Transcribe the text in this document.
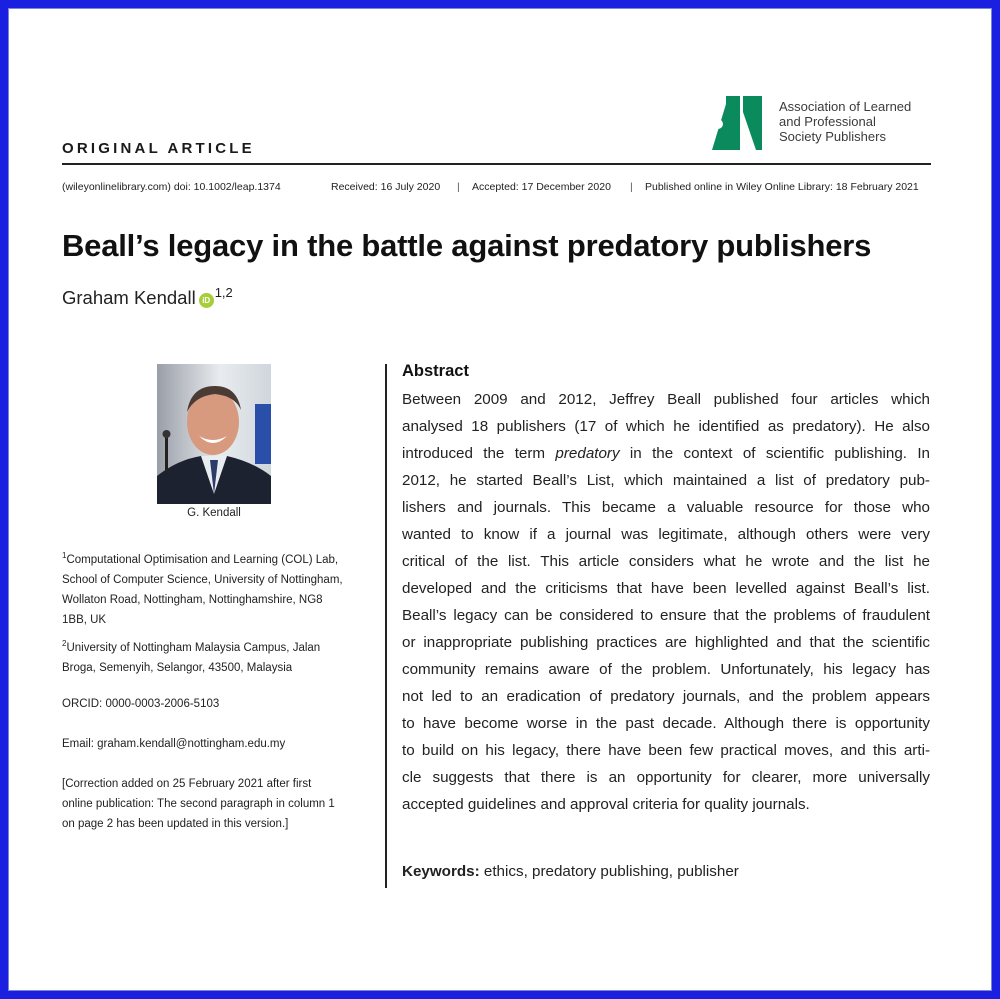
Association of Learned
and Professional
Society Publishers
ORIGINAL ARTICLE
(wileyonlinelibrary.com) doi: 10.1002/leap.1374	Received: 16 July 2020 | Accepted: 17 December 2020 | Published online in Wiley Online Library: 18 February 2021
Beall’s legacy in the battle against predatory publishers
Graham Kendall iD$^{1,2}$
G. Kendall
$^1$Computational Optimisation and Learning (COL) Lab,
School of Computer Science, University of Nottingham,
Wollaton Road, Nottingham, Nottinghamshire, NG8
1BB, UK
$^2$University of Nottingham Malaysia Campus, Jalan
Broga, Semenyih, Selangor, 43500, Malaysia
ORCID: 0000-0003-2006-5103
Email: graham.kendall@nottingham.edu.my
[Correction added on 25 February 2021 after first
online publication: The second paragraph in column 1
on page 2 has been updated in this version.]
Abstract
Between 2009 and 2012, Jeffrey Beall published four articles which
analysed 18 publishers (17 of which he identified as predatory). He also
introduced the term predatory in the context of scientific publishing. In
2012, he started Beall’s List, which maintained a list of predatory pub-
lishers and journals. This became a valuable resource for those who
wanted to know if a journal was legitimate, although others were very
critical of the list. This article considers what he wrote and the list he
developed and the criticisms that have been levelled against Beall’s list.
Beall’s legacy can be considered to ensure that the problems of fraudulent
or inappropriate publishing practices are highlighted and that the scientific
community remains aware of the problem. Unfortunately, his legacy has
not led to an eradication of predatory journals, and the problem appears
to have become worse in the past decade. Although there is opportunity
to build on his legacy, there have been few practical moves, and this arti-
cle suggests that there is an opportunity for clearer, more universally
accepted guidelines and approval criteria for quality journals.
Keywords: ethics, predatory publishing, publisher
